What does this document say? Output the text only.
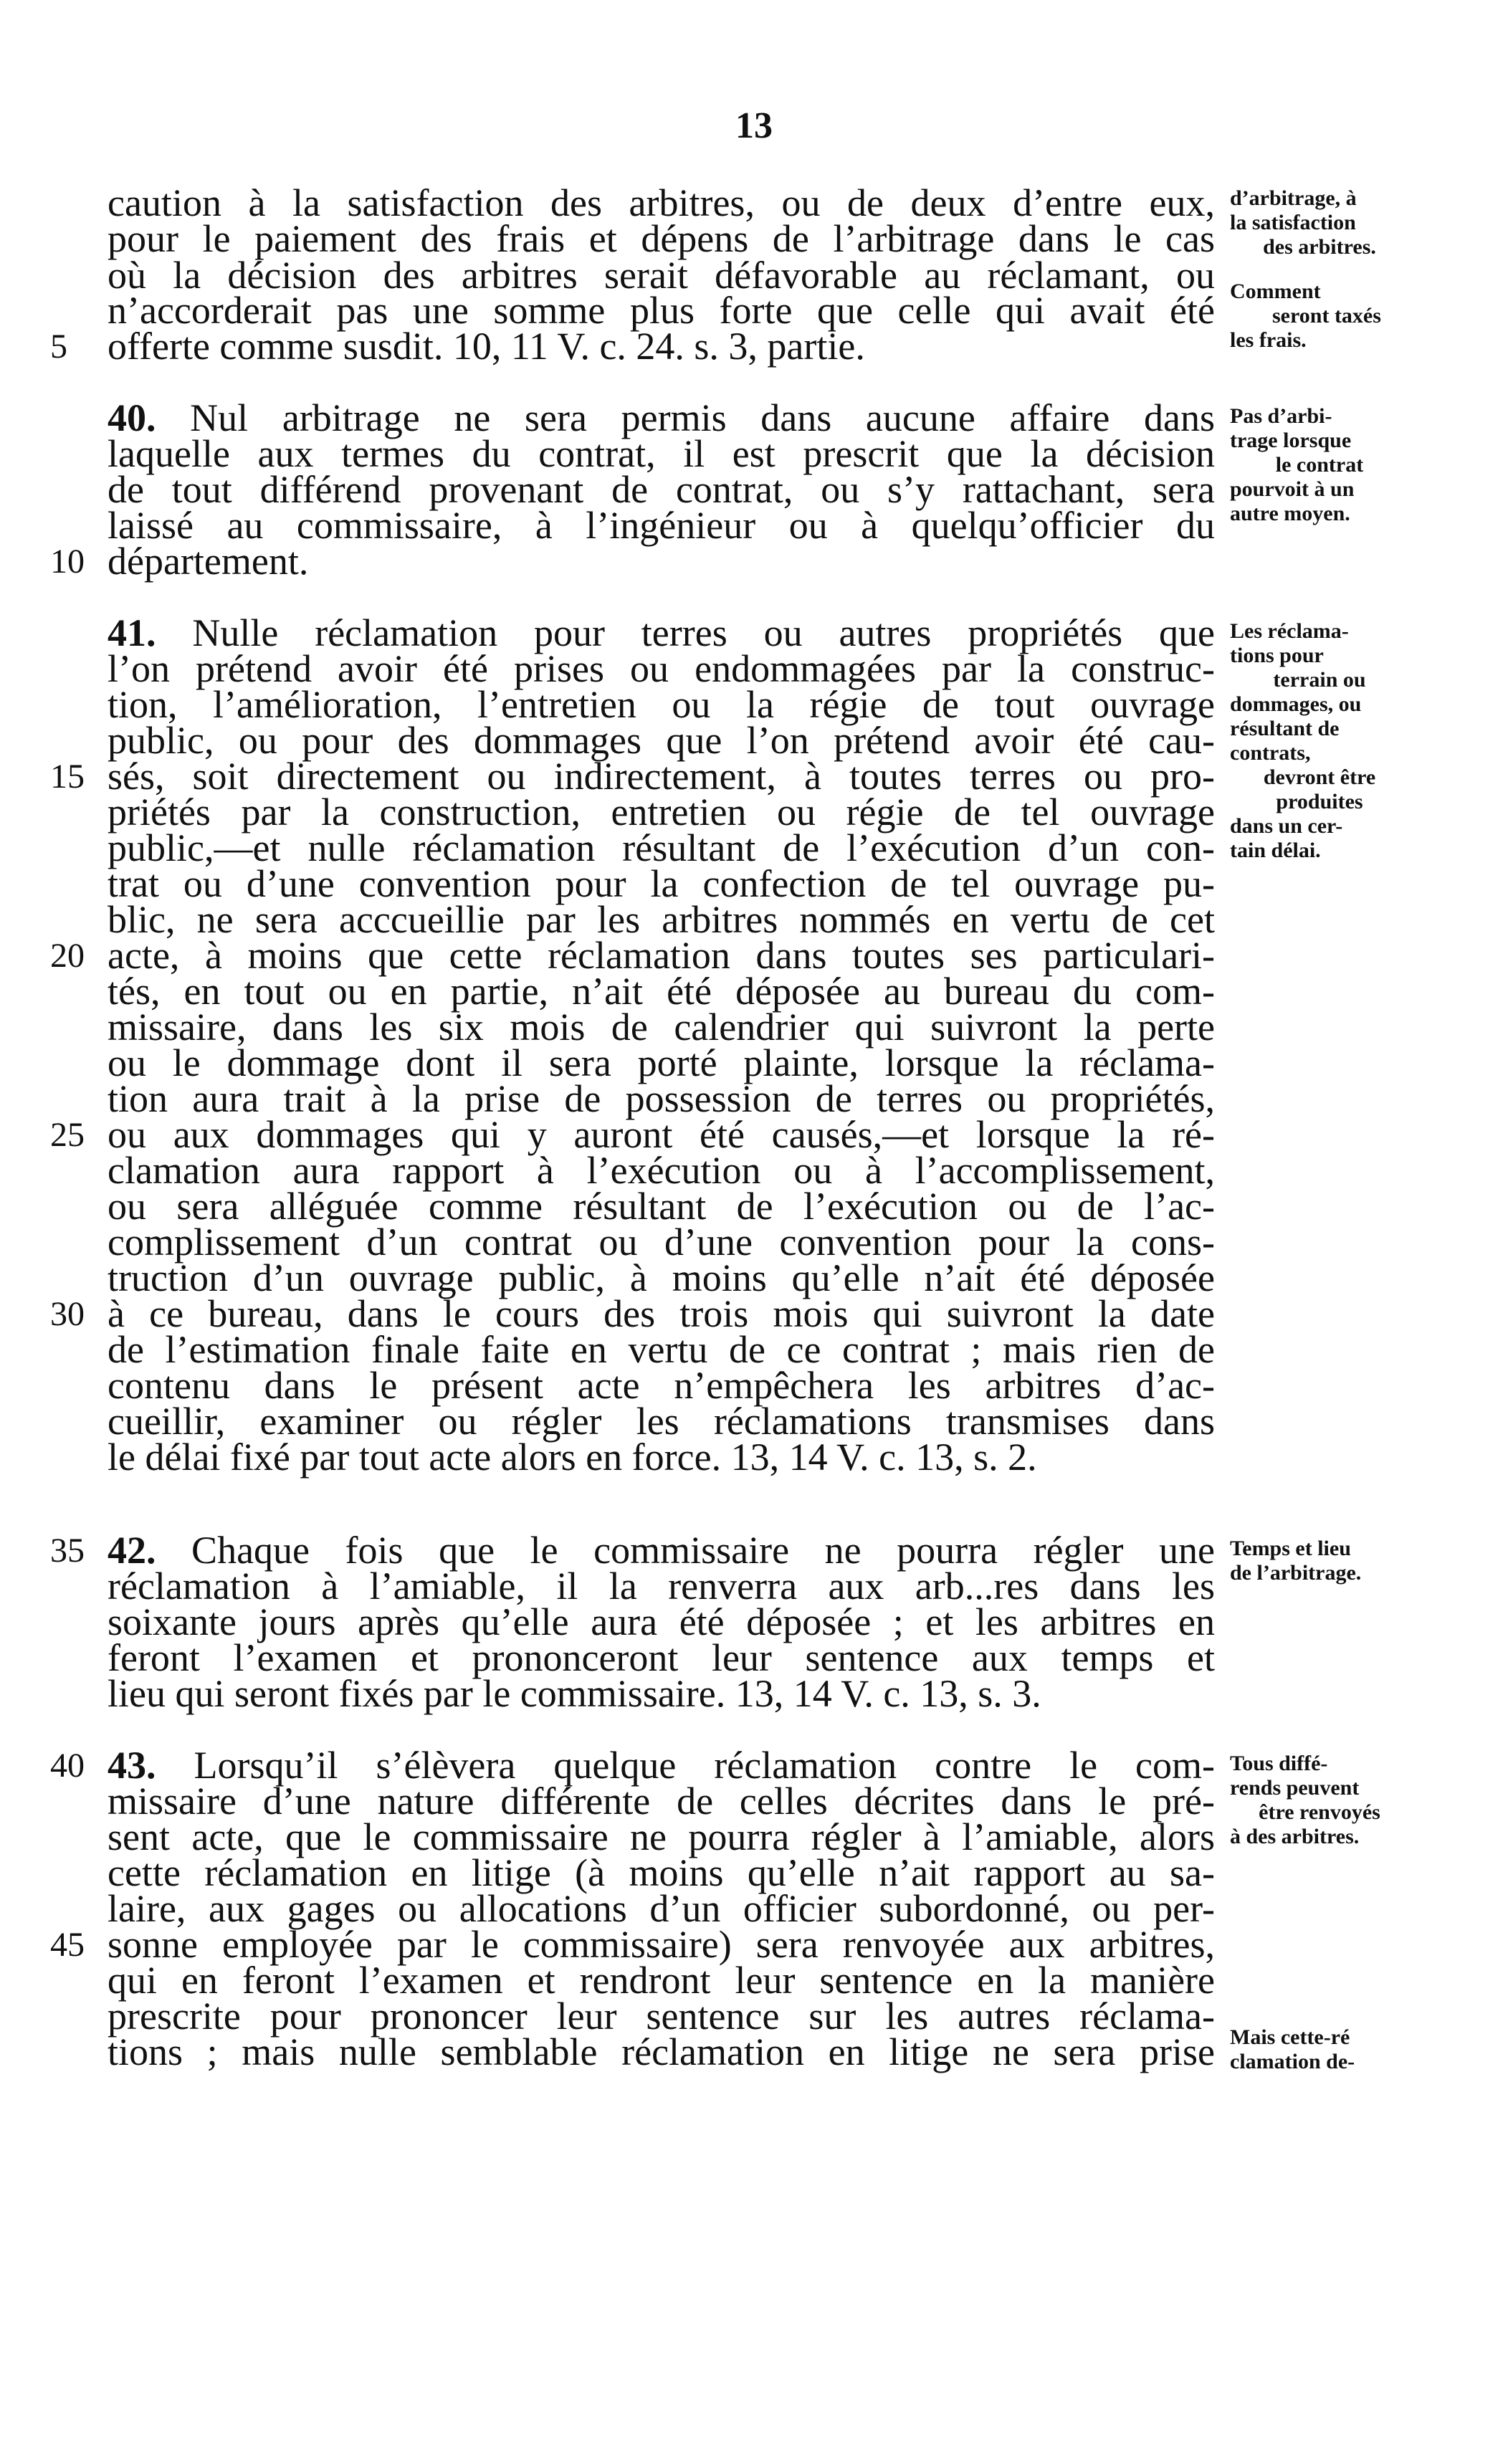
13
caution à la satisfaction des arbitres, ou de deux d’entre eux,
pour le paiement des frais et dépens de l’arbitrage dans le cas
où la décision des arbitres serait défavorable au réclamant, ou
n’accorderait pas une somme plus forte que celle qui avait été
offerte comme susdit. 10, 11 V. c. 24. s. 3, partie.
40. Nul arbitrage ne sera permis dans aucune affaire dans
laquelle aux termes du contrat, il est prescrit que la décision
de tout différend provenant de contrat, ou s’y rattachant, sera
laissé au commissaire, à l’ingénieur ou à quelqu’officier du
département.
41. Nulle réclamation pour terres ou autres propriétés que
l’on prétend avoir été prises ou endommagées par la construc-
tion, l’amélioration, l’entretien ou la régie de tout ouvrage
public, ou pour des dommages que l’on prétend avoir été cau-
sés, soit directement ou indirectement, à toutes terres ou pro-
priétés par la construction, entretien ou régie de tel ouvrage
public,—et nulle réclamation résultant de l’exécution d’un con-
trat ou d’une convention pour la confection de tel ouvrage pu-
blic, ne sera acccueillie par les arbitres nommés en vertu de cet
acte, à moins que cette réclamation dans toutes ses particulari-
tés, en tout ou en partie, n’ait été déposée au bureau du com-
missaire, dans les six mois de calendrier qui suivront la perte
ou le dommage dont il sera porté plainte, lorsque la réclama-
tion aura trait à la prise de possession de terres ou propriétés,
ou aux dommages qui y auront été causés,—et lorsque la ré-
clamation aura rapport à l’exécution ou à l’accomplissement,
ou sera alléguée comme résultant de l’exécution ou de l’ac-
complissement d’un contrat ou d’une convention pour la cons-
truction d’un ouvrage public, à moins qu’elle n’ait été déposée
à ce bureau, dans le cours des trois mois qui suivront la date
de l’estimation finale faite en vertu de ce contrat ; mais rien de
contenu dans le présent acte n’empêchera les arbitres d’ac-
cueillir, examiner ou régler les réclamations transmises dans
le délai fixé par tout acte alors en force. 13, 14 V. c. 13, s. 2.
42. Chaque fois que le commissaire ne pourra régler une
réclamation à l’amiable, il la renverra aux arb...res dans les
soixante jours après qu’elle aura été déposée ; et les arbitres en
feront l’examen et prononceront leur sentence aux temps et
lieu qui seront fixés par le commissaire. 13, 14 V. c. 13, s. 3.
43. Lorsqu’il s’élèvera quelque réclamation contre le com-
missaire d’une nature différente de celles décrites dans le pré-
sent acte, que le commissaire ne pourra régler à l’amiable, alors
cette réclamation en litige (à moins qu’elle n’ait rapport au sa-
laire, aux gages ou allocations d’un officier subordonné, ou per-
sonne employée par le commissaire) sera renvoyée aux arbitres,
qui en feront l’examen et rendront leur sentence en la manière
prescrite pour prononcer leur sentence sur les autres réclama-
tions ; mais nulle semblable réclamation en litige ne sera prise
5
10
15
20
25
30
35
40
45
d’arbitrage, à
la satisfaction
des arbitres.
Comment
seront taxés
les frais.
Pas d’arbi-
trage lorsque
le contrat
pourvoit à un
autre moyen.
Les réclama-
tions pour
terrain ou
dommages, ou
résultant de
contrats,
devront être
produites
dans un cer-
tain délai.
Temps et lieu
de l’arbitrage.
Tous diffé-
rends peuvent
être renvoyés
à des arbitres.
Mais cette-ré
clamation de-
